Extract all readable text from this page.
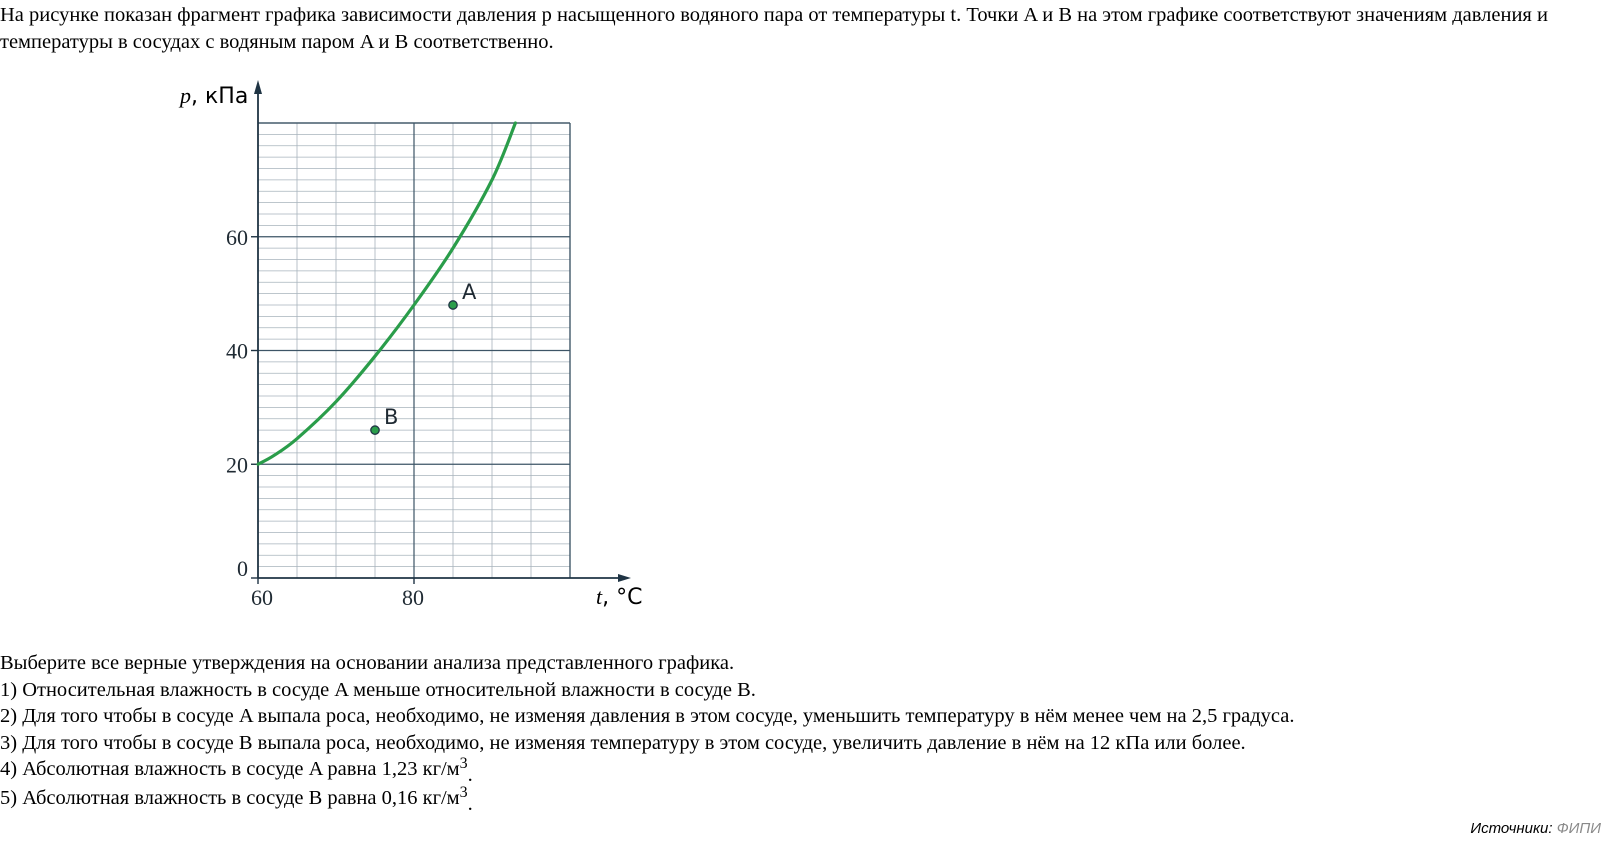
На рисунке показан фрагмент графика зависимости давления p насыщенного водяного пара от температуры t. Точки A и B на этом графике соответствуют значениям давления и температуры в сосудах с водяным паром A и B соответственно.

0
20
40
60
60	80
A
B
p, кПа
t, °C
Выберите все верные утверждения на основании анализа представленного графика.
1) Относительная влажность в сосуде A меньше относительной влажности в сосуде B.
2) Для того чтобы в сосуде A выпала роса, необходимо, не изменяя давления в этом сосуде, уменьшить температуру в нём менее чем на 2,5 градуса.
3) Для того чтобы в сосуде B выпала роса, необходимо, не изменяя температуру в этом сосуде, увеличить давление в нём на 12 кПа или более.
4) Абсолютная влажность в сосуде A равна 1,23 $кг/м^3$.
5) Абсолютная влажность в сосуде B равна 0,16 $кг/м^3$.
Источники: ФИПИ
